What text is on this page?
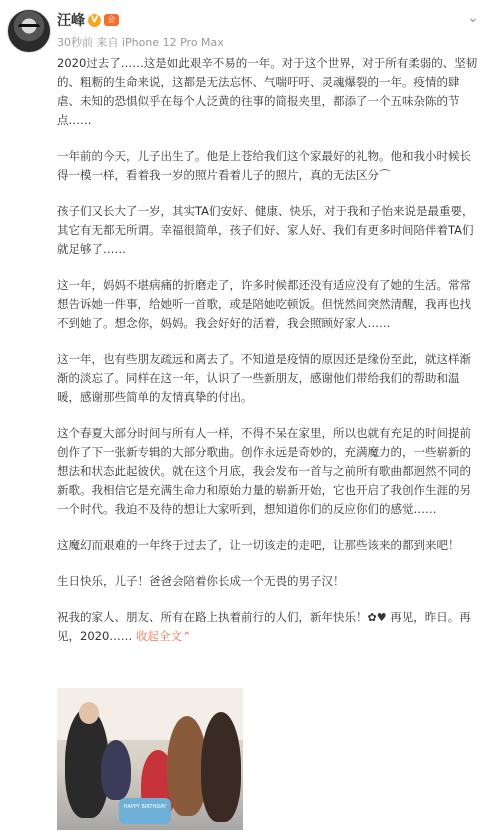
汪峰 V	会
30秒前 来自 iPhone 12 Pro Max
⌄

2020过去了……这是如此艰辛不易的一年。对于这个世界，对于所有柔弱的、坚韧的、粗粝的生命来说，这都是无法忘怀、气喘吁吁、灵魂爆裂的一年。疫情的肆虐、未知的恐惧似乎在每个人泛黄的往事的简报夹里，都添了一个五味杂陈的节点……

一年前的今天，儿子出生了。他是上苍给我们这个家最好的礼物。他和我小时候长得一模一样，看着我一岁的照片看着儿子的照片，真的无法区分⌒

孩子们又长大了一岁，其实TA们安好、健康、快乐，对于我和子怡来说是最重要，其它有无都无所谓。幸福很简单，孩子们好、家人好、我们有更多时间陪伴着TA们就足够了……

这一年，妈妈不堪病痛的折磨走了，许多时候都还没有适应没有了她的生活。常常想告诉她一件事，给她听一首歌，或是陪她吃顿饭。但恍然间突然清醒，我再也找不到她了。想念你，妈妈。我会好好的活着，我会照顾好家人……

这一年，也有些朋友疏远和离去了。不知道是疫情的原因还是缘份至此，就这样渐渐的淡忘了。同样在这一年，认识了一些新朋友，感谢他们带给我们的帮助和温暖，感谢那些简单的友情真挚的付出。

这个春夏大部分时间与所有人一样，不得不呆在家里，所以也就有充足的时间提前创作了下一张新专辑的大部分歌曲。创作永远是奇妙的，充满魔力的，一些崭新的想法和状态此起彼伏。就在这个月底，我会发布一首与之前所有歌曲都迥然不同的新歌。我相信它是充满生命力和原始力量的崭新开始，它也开启了我创作生涯的另一个时代。我迫不及待的想让大家听到，想知道你们的反应你们的感觉……

这魔幻而艰难的一年终于过去了，让一切该走的走吧，让那些该来的都到来吧！

生日快乐，儿子！爸爸会陪着你长成一个无畏的男子汉！

祝我的家人、朋友、所有在路上执着前行的人们，新年快乐！✿♥ 再见，昨日。再见，2020…… 收起全文⌃

HAPPY BIRTHDAY
